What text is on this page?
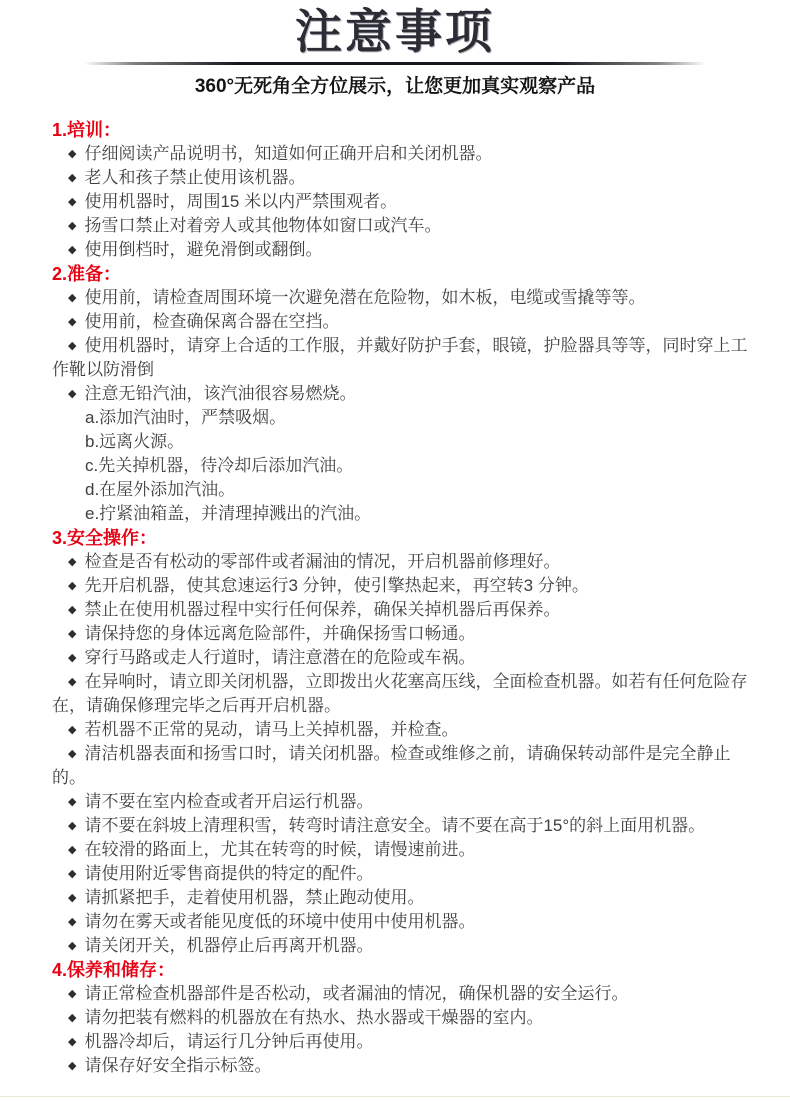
注意事项
360°无死角全方位展示，让您更加真实观察产品
1.培训：

◆ 仔细阅读产品说明书，知道如何正确开启和关闭机器。

◆ 老人和孩子禁止使用该机器。

◆ 使用机器时，周围15 米以内严禁围观者。

◆ 扬雪口禁止对着旁人或其他物体如窗口或汽车。

◆ 使用倒档时，避免滑倒或翻倒。

2.准备：

◆ 使用前，请检查周围环境一次避免潜在危险物，如木板，电缆或雪撬等等。

◆ 使用前，检查确保离合器在空挡。

◆ 使用机器时，请穿上合适的工作服，并戴好防护手套，眼镜，护脸器具等等，同时穿上工作靴以防滑倒

◆ 注意无铅汽油，该汽油很容易燃烧。

a.添加汽油时，严禁吸烟。

b.远离火源。

c.先关掉机器，待冷却后添加汽油。

d.在屋外添加汽油。

e.拧紧油箱盖，并清理掉溅出的汽油。

3.安全操作：

◆ 检查是否有松动的零部件或者漏油的情况，开启机器前修理好。

◆ 先开启机器，使其怠速运行3 分钟，使引擎热起来，再空转3 分钟。

◆ 禁止在使用机器过程中实行任何保养，确保关掉机器后再保养。

◆ 请保持您的身体远离危险部件，并确保扬雪口畅通。

◆ 穿行马路或走人行道时，请注意潜在的危险或车祸。

◆ 在异响时，请立即关闭机器，立即拨出火花塞高压线，全面检查机器。如若有任何危险存在，请确保修理完毕之后再开启机器。

◆ 若机器不正常的晃动，请马上关掉机器，并检查。

◆ 清洁机器表面和扬雪口时，请关闭机器。检查或维修之前，请确保转动部件是完全静止的。

◆ 请不要在室内检查或者开启运行机器。

◆ 请不要在斜坡上清理积雪，转弯时请注意安全。请不要在高于15°的斜上面用机器。

◆ 在较滑的路面上，尤其在转弯的时候，请慢速前进。

◆ 请使用附近零售商提供的特定的配件。

◆ 请抓紧把手，走着使用机器，禁止跑动使用。

◆ 请勿在雾天或者能见度低的环境中使用中使用机器。

◆ 请关闭开关，机器停止后再离开机器。

4.保养和储存：

◆ 请正常检查机器部件是否松动，或者漏油的情况，确保机器的安全运行。

◆ 请勿把装有燃料的机器放在有热水、热水器或干燥器的室内。

◆ 机器冷却后，请运行几分钟后再使用。

◆ 请保存好安全指示标签。
